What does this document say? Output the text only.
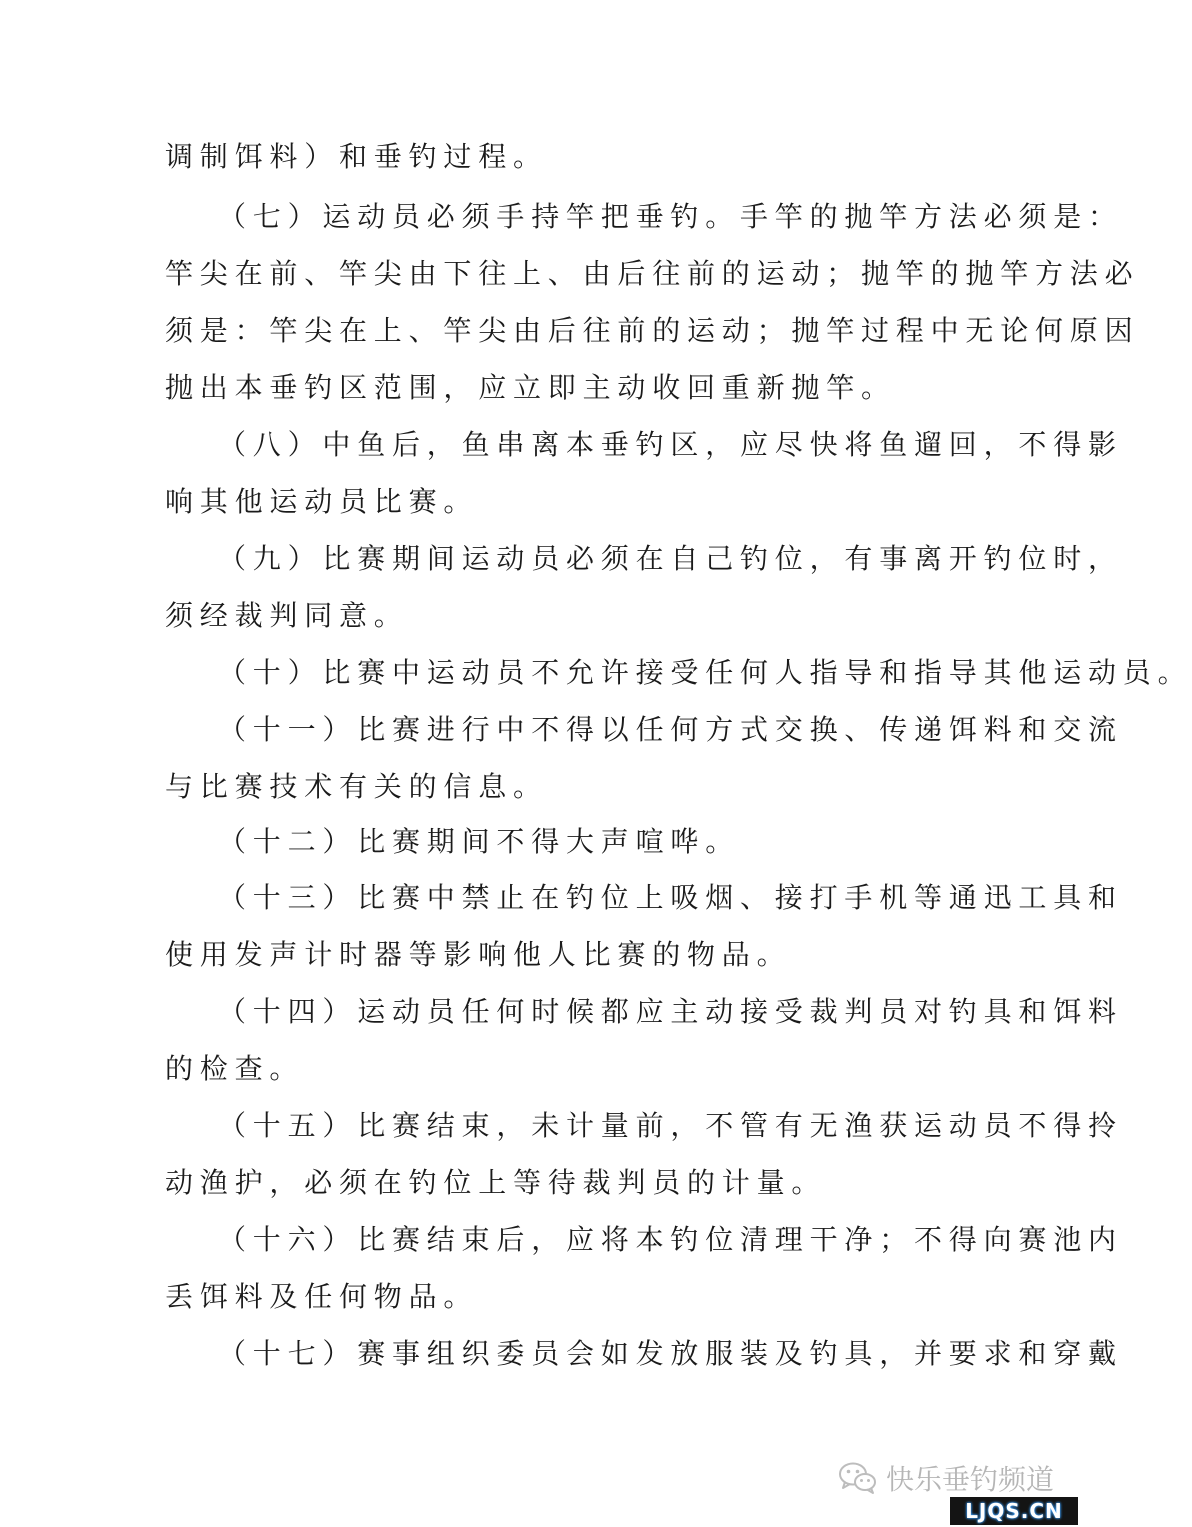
调制饵料）和垂钓过程。
（七）运动员必须手持竿把垂钓。手竿的抛竿方法必须是：
竿尖在前、竿尖由下往上、由后往前的运动；抛竿的抛竿方法必
须是：竿尖在上、竿尖由后往前的运动；抛竿过程中无论何原因
抛出本垂钓区范围，应立即主动收回重新抛竿。
（八）中鱼后，鱼串离本垂钓区，应尽快将鱼遛回，不得影
响其他运动员比赛。
（九）比赛期间运动员必须在自己钓位，有事离开钓位时，
须经裁判同意。
（十）比赛中运动员不允许接受任何人指导和指导其他运动员。
（十一）比赛进行中不得以任何方式交换、传递饵料和交流
与比赛技术有关的信息。
（十二）比赛期间不得大声喧哗。
（十三）比赛中禁止在钓位上吸烟、接打手机等通迅工具和
使用发声计时器等影响他人比赛的物品。
（十四）运动员任何时候都应主动接受裁判员对钓具和饵料
的检查。
（十五）比赛结束，未计量前，不管有无渔获运动员不得拎
动渔护，必须在钓位上等待裁判员的计量。
（十六）比赛结束后，应将本钓位清理干净；不得向赛池内
丢饵料及任何物品。
（十七）赛事组织委员会如发放服装及钓具，并要求和穿戴
快乐垂钓频道
LJQS.CN
